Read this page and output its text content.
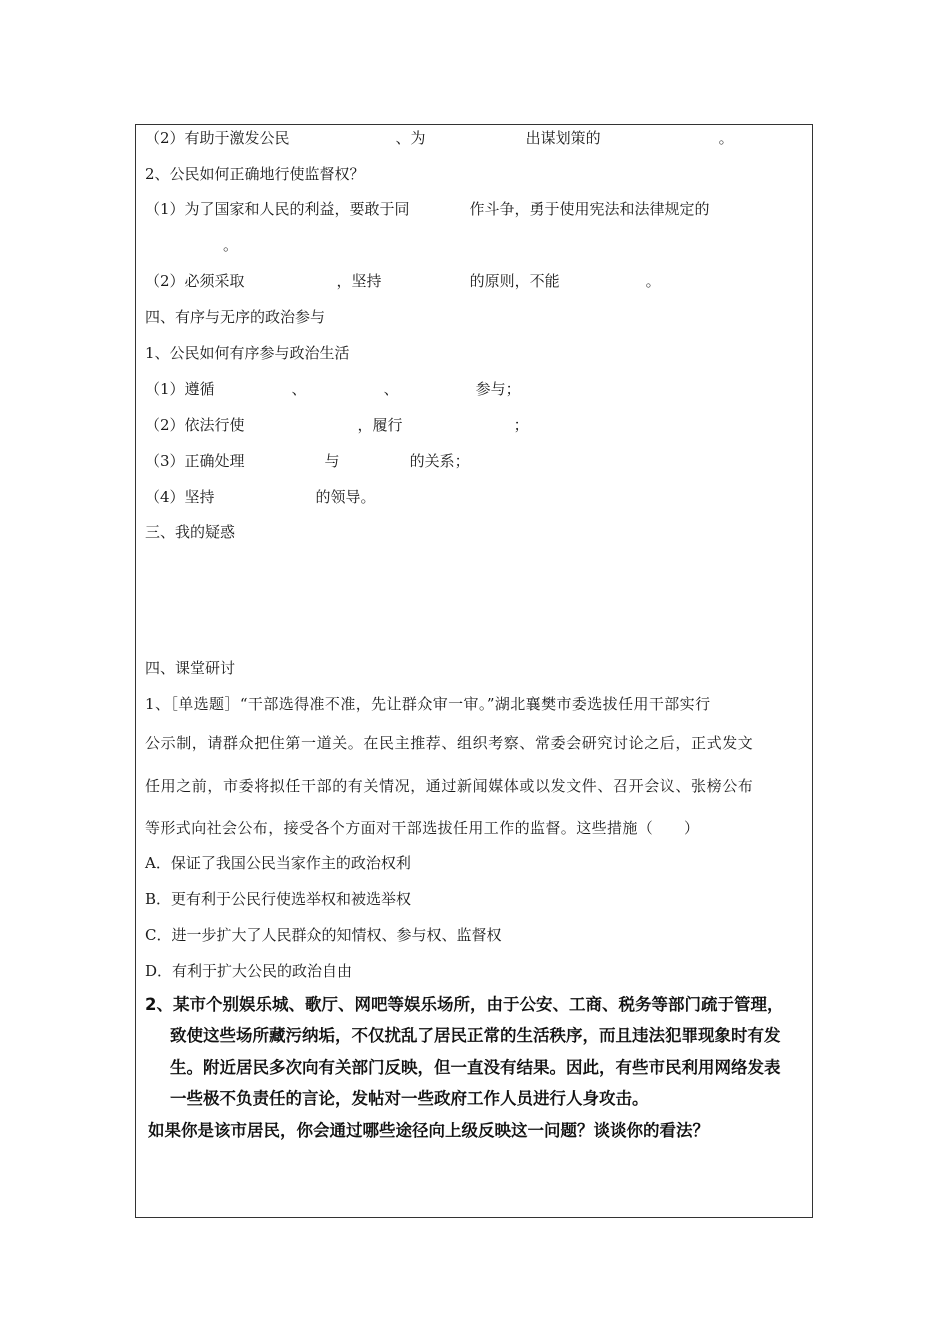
（2）有助于激发公民	、为	出谋划策的	。
2、公民如何正确地行使监督权？
（1）为了国家和人民的利益，要敢于同	作斗争，勇于使用宪法和法律规定的
。
（2）必须采取	，坚持	的原则，不能	。
四、有序与无序的政治参与
1、公民如何有序参与政治生活
（1）遵循	、	、	参与；
（2）依法行使	，履行	；
（3）正确处理	与	的关系；
（4）坚持	的领导。
三、我的疑惑
四、课堂研讨
1、［单选题］“干部选得准不准，先让群众审一审。”湖北襄樊市委选拔任用干部实行
公示制，请群众把住第一道关。在民主推荐、组织考察、常委会研究讨论之后，正式发文
任用之前，市委将拟任干部的有关情况，通过新闻媒体或以发文件、召开会议、张榜公布
等形式向社会公布，接受各个方面对干部选拔任用工作的监督。这些措施（　　）
A．保证了我国公民当家作主的政治权利
B．更有利于公民行使选举权和被选举权
C．进一步扩大了人民群众的知情权、参与权、监督权
D．有利于扩大公民的政治自由
2、某市个别娱乐城、歌厅、网吧等娱乐场所，由于公安、工商、税务等部门疏于管理，
致使这些场所藏污纳垢，不仅扰乱了居民正常的生活秩序，而且违法犯罪现象时有发
生。附近居民多次向有关部门反映，但一直没有结果。因此，有些市民利用网络发表
一些极不负责任的言论，发帖对一些政府工作人员进行人身攻击。
如果你是该市居民，你会通过哪些途径向上级反映这一问题？谈谈你的看法？
